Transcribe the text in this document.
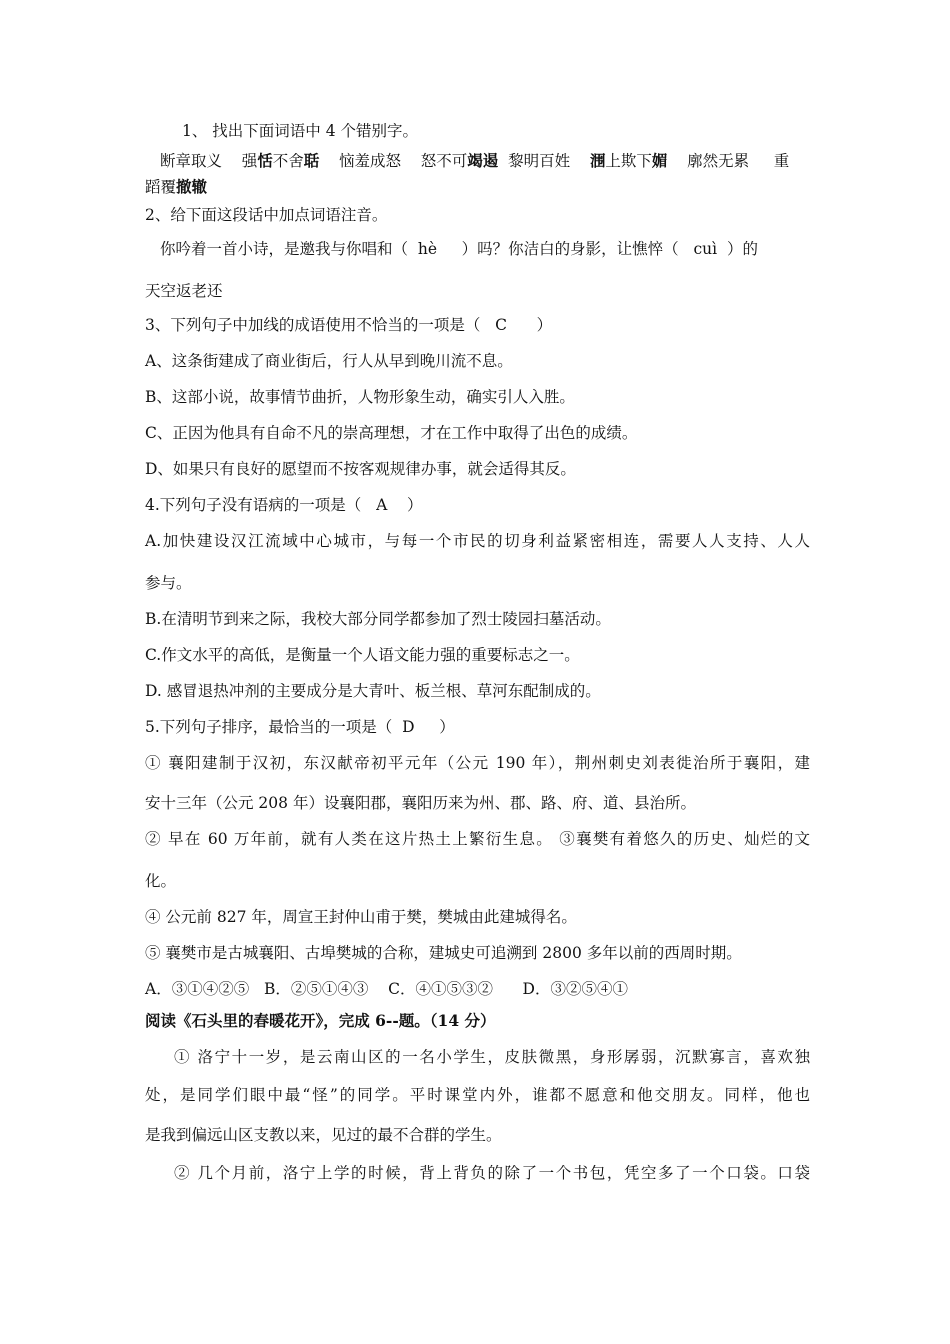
1、 找出下面词语中 4 个错别字。
断章取义 强恬不舍聒 恼羞成怒 怒不可竭遏 黎明百姓 涠上欺下媚 廓然无累 重
蹈覆撤辙
2、给下面这段话中加点词语注音。
你吟着一首小诗，是邀我与你唱和（ hè ）吗？你洁白的身影，让憔悴（ cuì ）的
天空返老还
3、下列句子中加线的成语使用不恰当的一项是（ C ）
A、这条街建成了商业街后，行人从早到晚川流不息。
B、这部小说，故事情节曲折，人物形象生动，确实引人入胜。
C、正因为他具有自命不凡的崇高理想，才在工作中取得了出色的成绩。
D、如果只有良好的愿望而不按客观规律办事，就会适得其反。
4.下列句子没有语病的一项是（ A ）
A.加快建设汉江流域中心城市，与每一个市民的切身利益紧密相连，需要人人支持、人人
参与。
B.在清明节到来之际，我校大部分同学都参加了烈士陵园扫墓活动。
C.作文水平的高低，是衡量一个人语文能力强的重要标志之一。
D. 感冒退热冲剂的主要成分是大青叶、板兰根、草河东配制成的。
5.下列句子排序，最恰当的一项是（ D ）
① 襄阳建制于汉初，东汉献帝初平元年（公元 190 年），荆州刺史刘表徙治所于襄阳，建
安十三年（公元 208 年）设襄阳郡，襄阳历来为州、郡、路、府、道、县治所。
② 早在 60 万年前，就有人类在这片热土上繁衍生息。 ③襄樊有着悠久的历史、灿烂的文
化。
④ 公元前 827 年，周宣王封仲山甫于樊，樊城由此建城得名。
⑤ 襄樊市是古城襄阳、古埠樊城的合称，建城史可追溯到 2800 多年以前的西周时期。
A．③①④②⑤ B．②⑤①④③ C．④①⑤③② D．③②⑤④①
阅读《石头里的春暖花开》，完成 6--题。（14 分）
① 洛宁十一岁，是云南山区的一名小学生，皮肤微黑，身形孱弱，沉默寡言，喜欢独
处，是同学们眼中最“怪”的同学。平时课堂内外，谁都不愿意和他交朋友。同样，他也
是我到偏远山区支教以来，见过的最不合群的学生。
② 几个月前，洛宁上学的时候，背上背负的除了一个书包，凭空多了一个口袋。口袋
